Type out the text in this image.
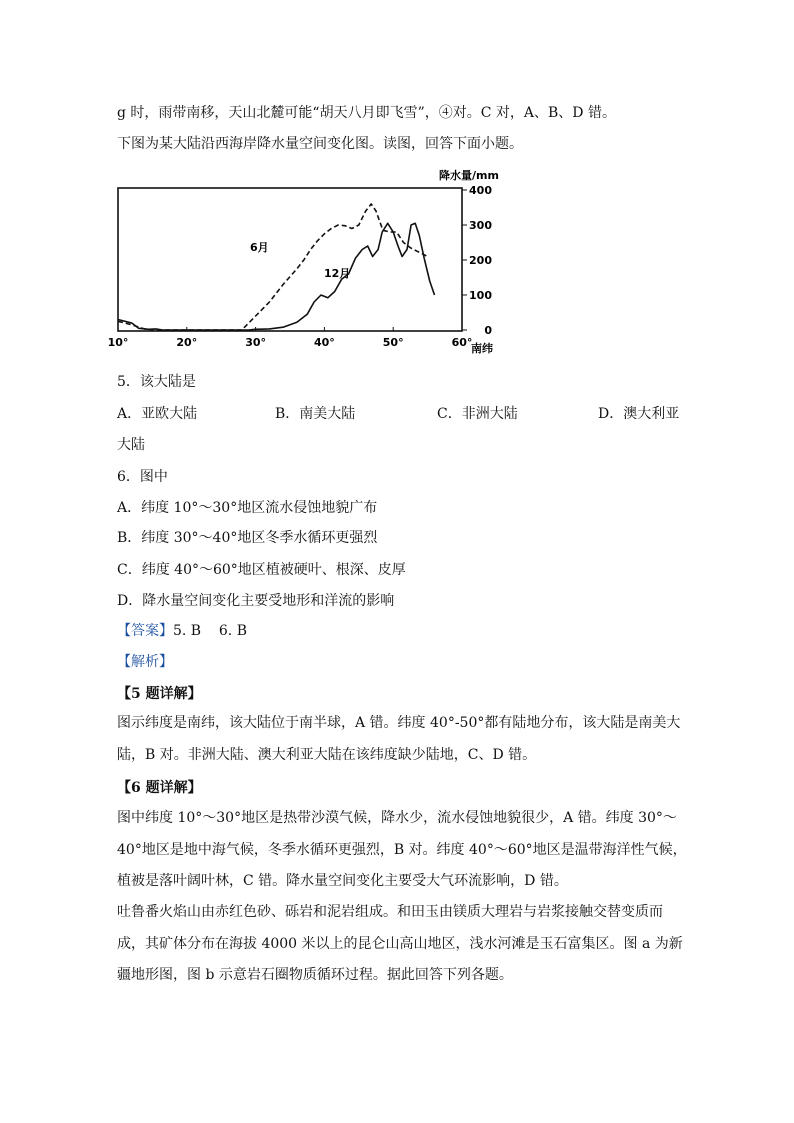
g 时，雨带南移，天山北麓可能“胡天八月即飞雪”，④对。C 对，A、B、D 错。
下图为某大陆沿西海岸降水量空间变化图。读图，回答下面小题。
10°	20°	30°	40°	50°	60°
0
100
200
300
400
降水量/mm
南纬
6月
12月
5．该大陆是
A．亚欧大陆	B．南美大陆	C．非洲大陆	D．澳大利亚
大陆
6．图中
A．纬度 10°～30°地区流水侵蚀地貌广布
B．纬度 30°～40°地区冬季水循环更强烈
C．纬度 40°～60°地区植被硬叶、根深、皮厚
D．降水量空间变化主要受地形和洋流的影响
【答案】5. B    6. B
【解析】
【5 题详解】
图示纬度是南纬，该大陆位于南半球，A 错。纬度 40°-50°都有陆地分布，该大陆是南美大陆，B 对。非洲大陆、澳大利亚大陆在该纬度缺少陆地，C、D 错。
【6 题详解】
图中纬度 10°～30°地区是热带沙漠气候，降水少，流水侵蚀地貌很少，A 错。纬度 30°～40°地区是地中海气候，冬季水循环更强烈，B 对。纬度 40°～60°地区是温带海洋性气候，植被是落叶阔叶林，C 错。降水量空间变化主要受大气环流影响，D 错。
吐鲁番火焰山由赤红色砂、砾岩和泥岩组成。和田玉由镁质大理岩与岩浆接触交替变质而成，其矿体分布在海拔 4000 米以上的昆仑山高山地区，浅水河滩是玉石富集区。图 a 为新疆地形图，图 b 示意岩石圈物质循环过程。据此回答下列各题。
